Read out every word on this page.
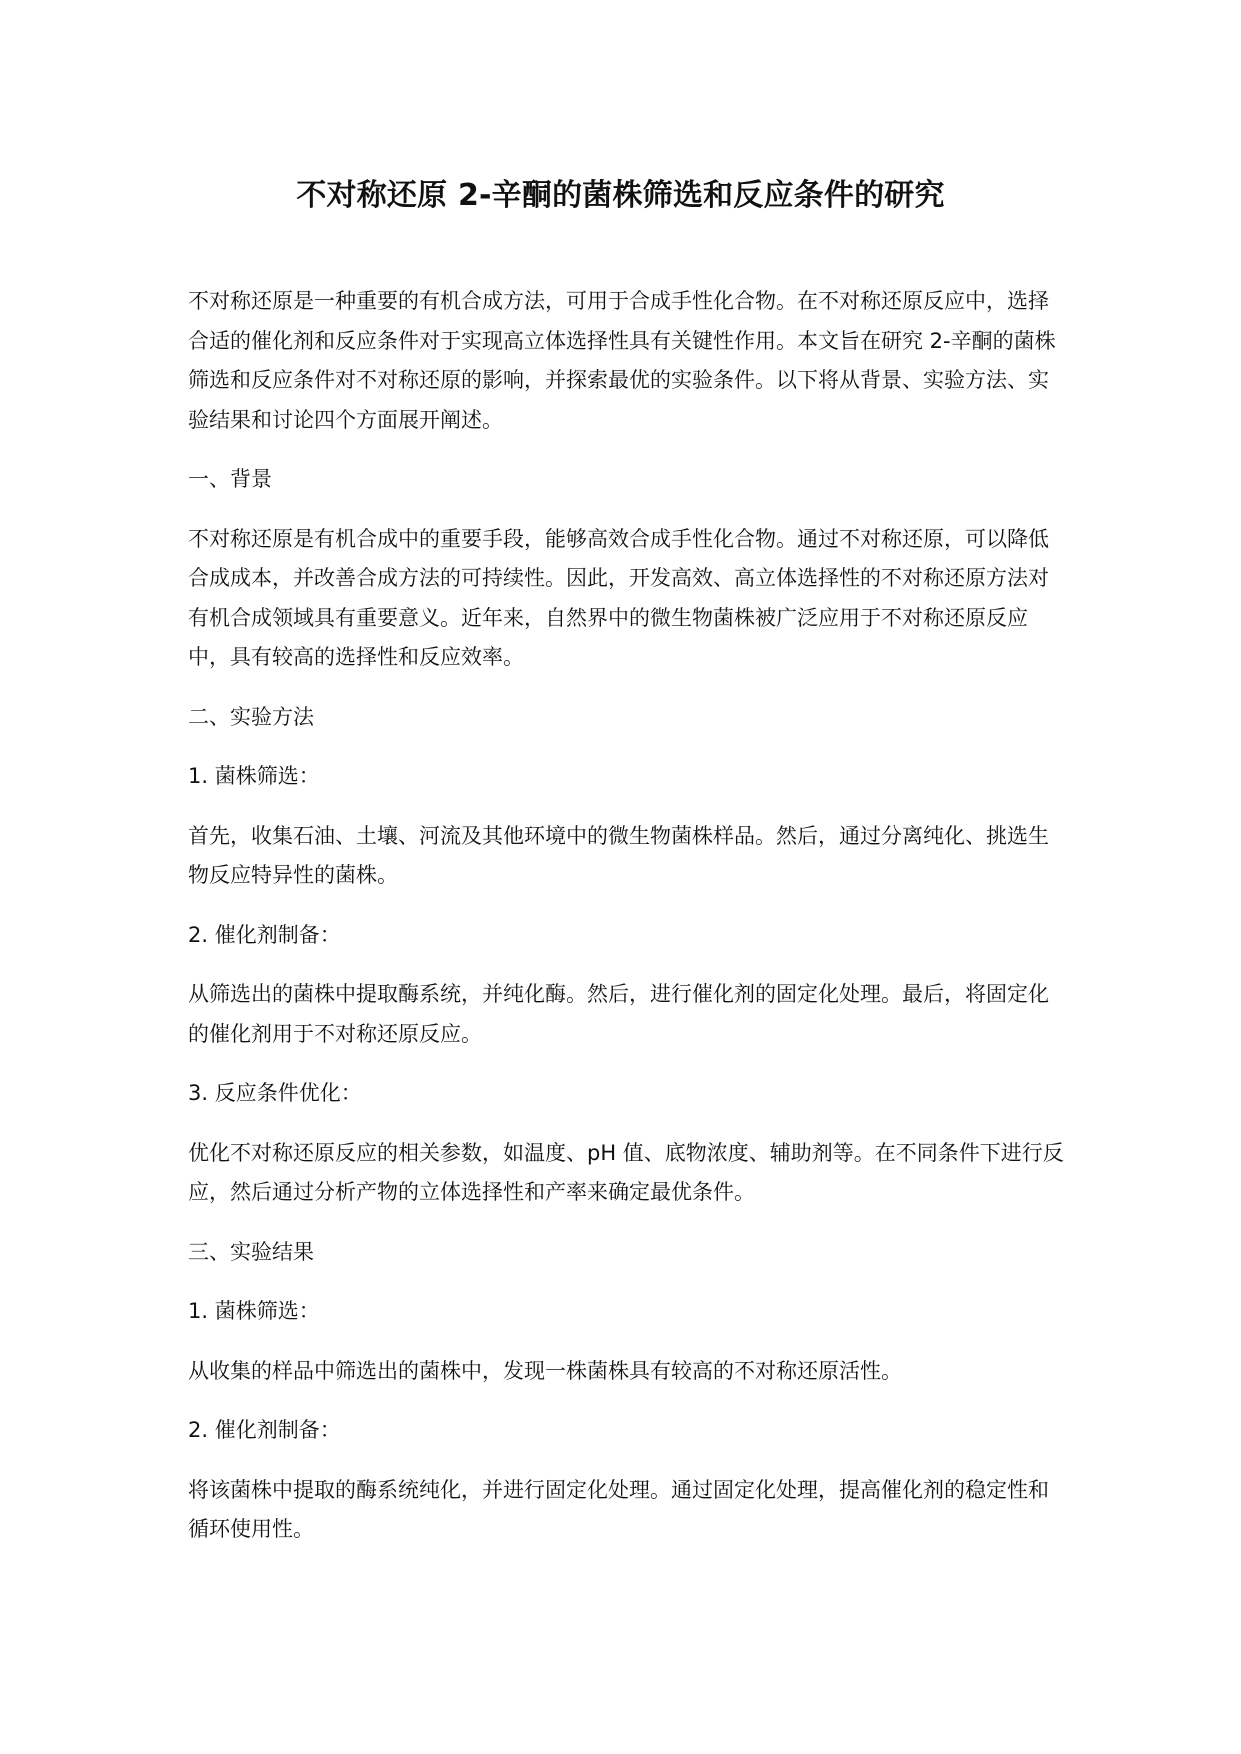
不对称还原 2-辛酮的菌株筛选和反应条件的研究

不对称还原是一种重要的有机合成方法，可用于合成手性化合物。在不对称还原反应中，选择合适的催化剂和反应条件对于实现高立体选择性具有关键性作用。本文旨在研究 2-辛酮的菌株筛选和反应条件对不对称还原的影响，并探索最优的实验条件。以下将从背景、实验方法、实验结果和讨论四个方面展开阐述。

一、背景

不对称还原是有机合成中的重要手段，能够高效合成手性化合物。通过不对称还原，可以降低合成成本，并改善合成方法的可持续性。因此，开发高效、高立体选择性的不对称还原方法对有机合成领域具有重要意义。近年来，自然界中的微生物菌株被广泛应用于不对称还原反应中，具有较高的选择性和反应效率。

二、实验方法

1. 菌株筛选：

首先，收集石油、土壤、河流及其他环境中的微生物菌株样品。然后，通过分离纯化、挑选生物反应特异性的菌株。

2. 催化剂制备：

从筛选出的菌株中提取酶系统，并纯化酶。然后，进行催化剂的固定化处理。最后，将固定化的催化剂用于不对称还原反应。

3. 反应条件优化：

优化不对称还原反应的相关参数，如温度、pH 值、底物浓度、辅助剂等。在不同条件下进行反应，然后通过分析产物的立体选择性和产率来确定最优条件。

三、实验结果

1. 菌株筛选：

从收集的样品中筛选出的菌株中，发现一株菌株具有较高的不对称还原活性。

2. 催化剂制备：

将该菌株中提取的酶系统纯化，并进行固定化处理。通过固定化处理，提高催化剂的稳定性和循环使用性。
